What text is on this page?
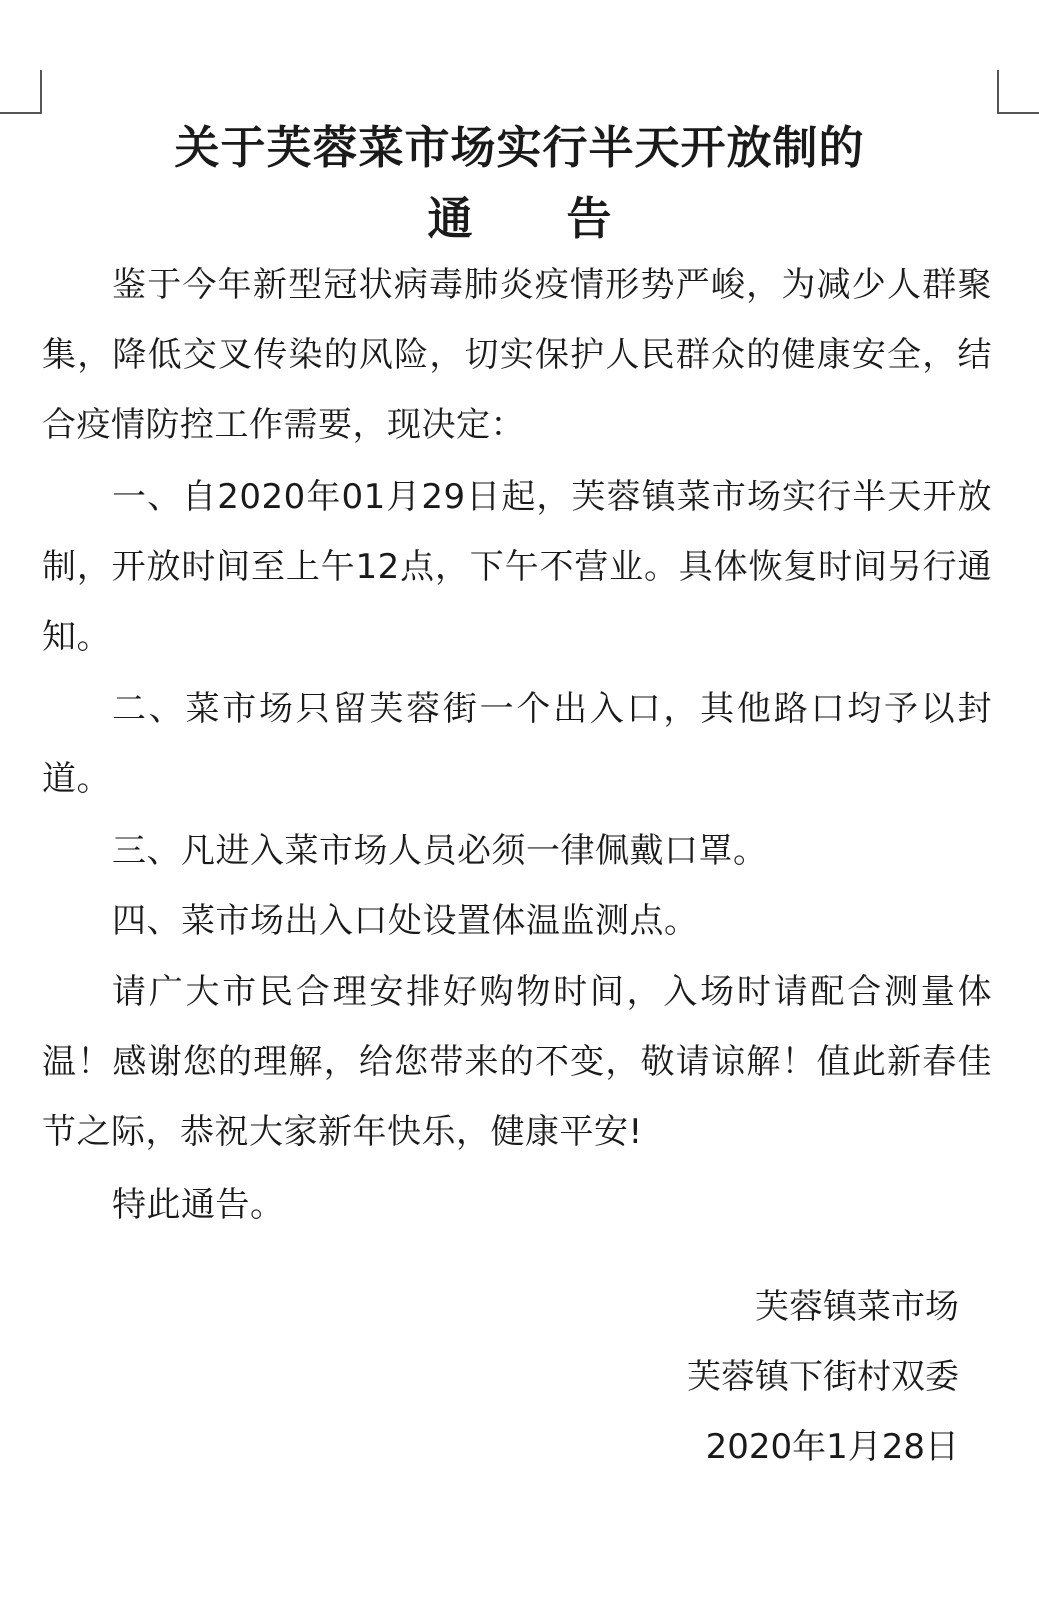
关于芙蓉菜市场实行半天开放制的
通      告
鉴于今年新型冠状病毒肺炎疫情形势严峻，为减少人群聚集，降低交叉传染的风险，切实保护人民群众的健康安全，结合疫情防控工作需要，现决定：
一、自2020年01月29日起，芙蓉镇菜市场实行半天开放制，开放时间至上午12点，下午不营业。具体恢复时间另行通知。
二、菜市场只留芙蓉街一个出入口，其他路口均予以封道。
三、凡进入菜市场人员必须一律佩戴口罩。
四、菜市场出入口处设置体温监测点。
请广大市民合理安排好购物时间，入场时请配合测量体温！感谢您的理解，给您带来的不变，敬请谅解！值此新春佳节之际，恭祝大家新年快乐，健康平安!
特此通告。
芙蓉镇菜市场
芙蓉镇下街村双委
2020年1月28日
